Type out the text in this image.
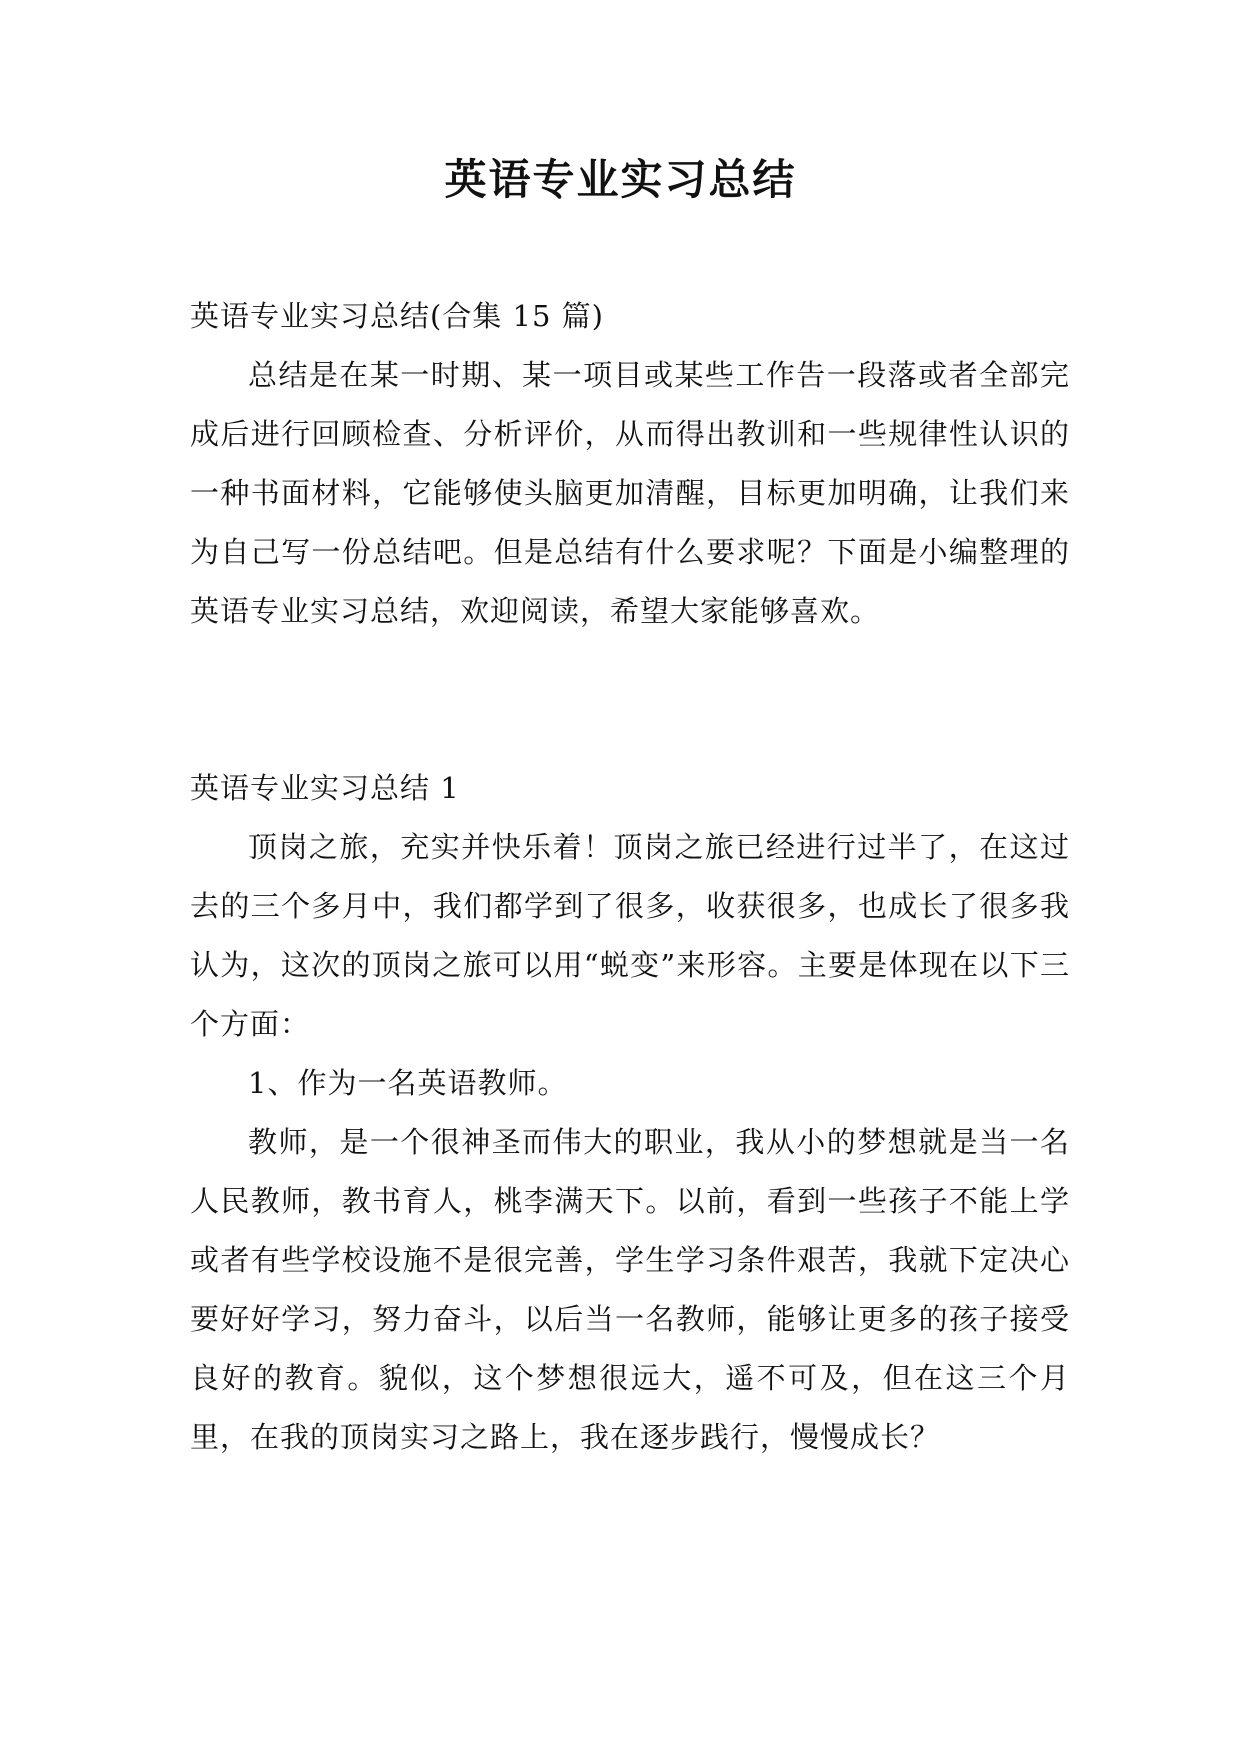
英语专业实习总结

英语专业实习总结(合集 15 篇)

总结是在某一时期、某一项目或某些工作告一段落或者全部完成后进行回顾检查、分析评价，从而得出教训和一些规律性认识的一种书面材料，它能够使头脑更加清醒，目标更加明确，让我们来为自己写一份总结吧。但是总结有什么要求呢？下面是小编整理的英语专业实习总结，欢迎阅读，希望大家能够喜欢。

英语专业实习总结 1

顶岗之旅，充实并快乐着！顶岗之旅已经进行过半了，在这过去的三个多月中，我们都学到了很多，收获很多，也成长了很多我认为，这次的顶岗之旅可以用“蜕变”来形容。主要是体现在以下三个方面：

1、作为一名英语教师。

教师，是一个很神圣而伟大的职业，我从小的梦想就是当一名人民教师，教书育人，桃李满天下。以前，看到一些孩子不能上学或者有些学校设施不是很完善，学生学习条件艰苦，我就下定决心要好好学习，努力奋斗，以后当一名教师，能够让更多的孩子接受良好的教育。貌似，这个梦想很远大，遥不可及，但在这三个月里，在我的顶岗实习之路上，我在逐步践行，慢慢成长？
